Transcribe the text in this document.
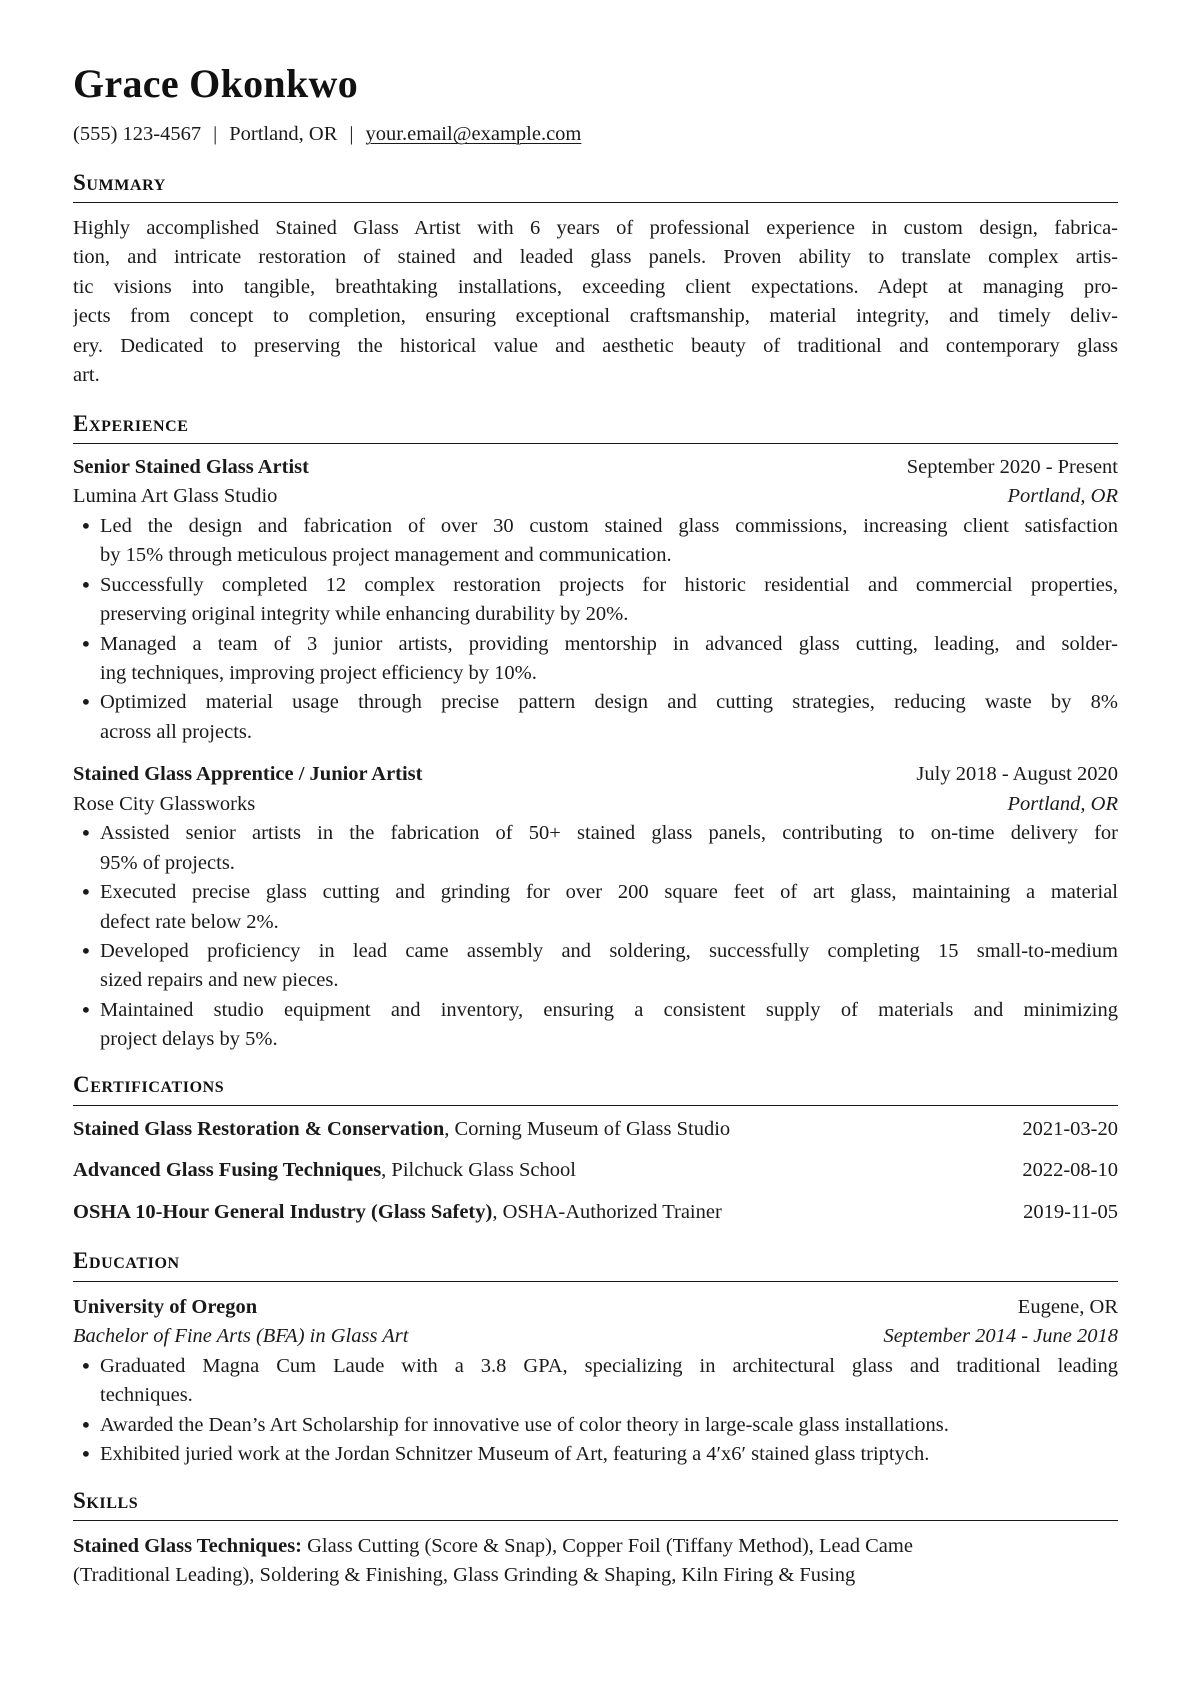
Grace Okonkwo
(555) 123-4567 | Portland, OR | your.email@example.com
Summary
Highly accomplished Stained Glass Artist with 6 years of professional experience in custom design, fabrica-
tion, and intricate restoration of stained and leaded glass panels. Proven ability to translate complex artis-
tic visions into tangible, breathtaking installations, exceeding client expectations. Adept at managing pro-
jects from concept to completion, ensuring exceptional craftsmanship, material integrity, and timely deliv-
ery. Dedicated to preserving the historical value and aesthetic beauty of traditional and contemporary glass
art.
Experience
Senior Stained Glass Artist	September 2020 - Present
Lumina Art Glass Studio	Portland, OR
• Led the design and fabrication of over 30 custom stained glass commissions, increasing client satisfaction
by 15% through meticulous project management and communication.
• Successfully completed 12 complex restoration projects for historic residential and commercial properties,
preserving original integrity while enhancing durability by 20%.
• Managed a team of 3 junior artists, providing mentorship in advanced glass cutting, leading, and solder-
ing techniques, improving project efficiency by 10%.
• Optimized material usage through precise pattern design and cutting strategies, reducing waste by 8%
across all projects.
Stained Glass Apprentice / Junior Artist	July 2018 - August 2020
Rose City Glassworks	Portland, OR
• Assisted senior artists in the fabrication of 50+ stained glass panels, contributing to on-time delivery for
95% of projects.
• Executed precise glass cutting and grinding for over 200 square feet of art glass, maintaining a material
defect rate below 2%.
• Developed proficiency in lead came assembly and soldering, successfully completing 15 small-to-medium
sized repairs and new pieces.
• Maintained studio equipment and inventory, ensuring a consistent supply of materials and minimizing
project delays by 5%.
Certifications
Stained Glass Restoration & Conservation, Corning Museum of Glass Studio	2021-03-20
Advanced Glass Fusing Techniques, Pilchuck Glass School	2022-08-10
OSHA 10-Hour General Industry (Glass Safety), OSHA-Authorized Trainer	2019-11-05
Education
University of Oregon	Eugene, OR
Bachelor of Fine Arts (BFA) in Glass Art	September 2014 - June 2018
• Graduated Magna Cum Laude with a 3.8 GPA, specializing in architectural glass and traditional leading
techniques.
• Awarded the Dean’s Art Scholarship for innovative use of color theory in large-scale glass installations.
• Exhibited juried work at the Jordan Schnitzer Museum of Art, featuring a 4′x6′ stained glass triptych.
Skills
Stained Glass Techniques: Glass Cutting (Score & Snap), Copper Foil (Tiffany Method), Lead Came
(Traditional Leading), Soldering & Finishing, Glass Grinding & Shaping, Kiln Firing & Fusing
